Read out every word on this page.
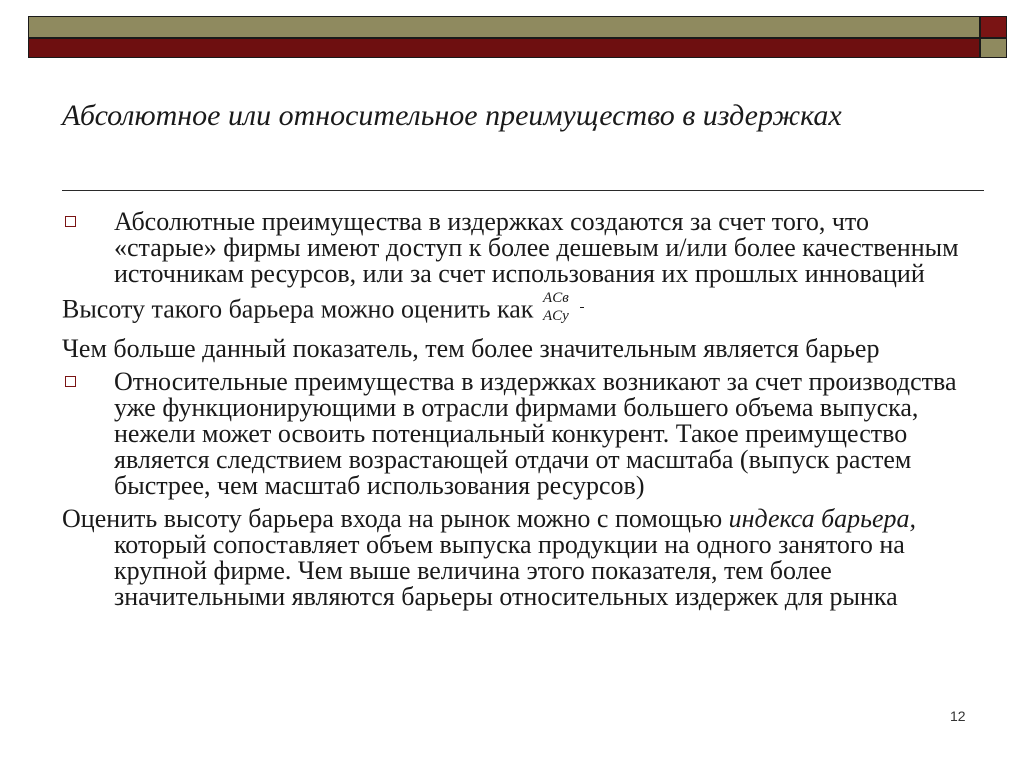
Абсолютное или относительное преимущество в издержках

Абсолютные преимущества в издержках создаются за счет того, что «старые» фирмы имеют доступ к более дешевым и/или более качественным источникам ресурсов, или за счет использования их прошлых инноваций

Высоту такого барьера можно оценить как	$\frac{\text{ACв}}{\text{ACу}}$

Чем больше данный показатель, тем более значительным является барьер

Относительные преимущества в издержках возникают за счет производства уже функционирующими в отрасли фирмами большего объема выпуска, нежели может освоить потенциальный конкурент. Такое преимущество является следствием возрастающей отдачи от масштаба (выпуск растем быстрее, чем масштаб использования ресурсов)

Оценить высоту барьера входа на рынок можно с помощью индекса барьера, который сопоставляет объем выпуска продукции на одного занятого на крупной фирме. Чем выше величина этого показателя, тем более значительными являются барьеры относительных издержек для рынка

12
